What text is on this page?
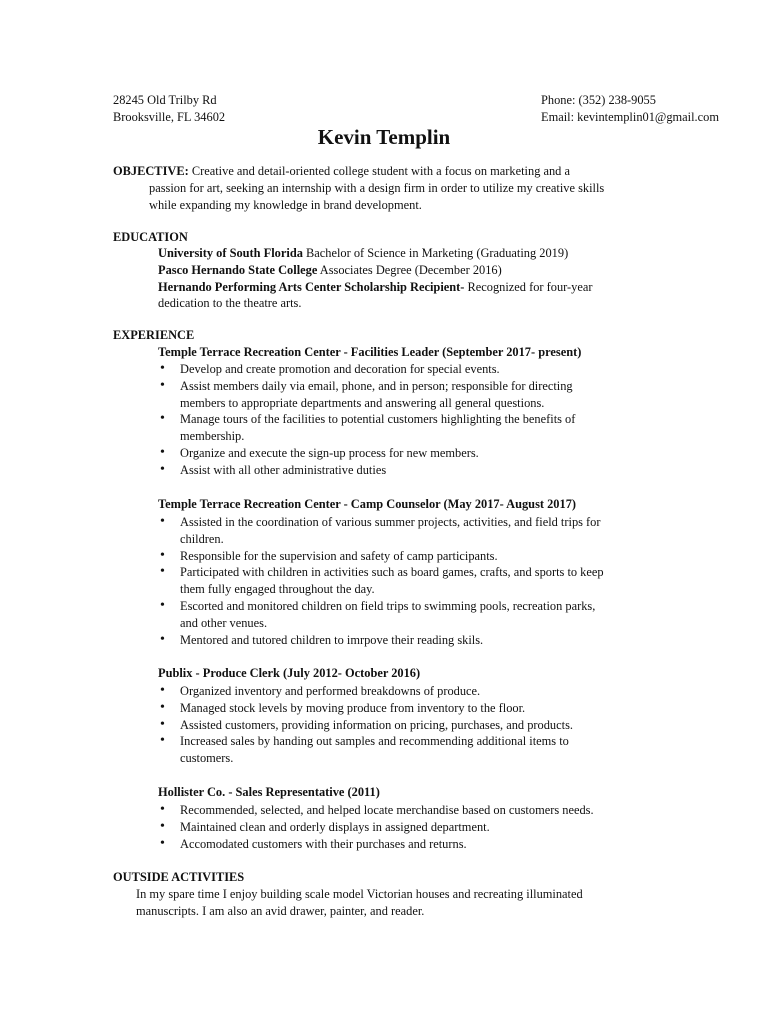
28245 Old Trilby Rd
Brooksville, FL 34602
Phone: (352) 238-9055
Email: kevintemplin01@gmail.com
Kevin Templin
OBJECTIVE: Creative and detail-oriented college student with a focus on marketing and a
passion for art, seeking an internship with a design firm in order to utilize my creative skills
while expanding my knowledge in brand development.
EDUCATION
University of South Florida Bachelor of Science in Marketing (Graduating 2019)
Pasco Hernando State College Associates Degree (December 2016)
Hernando Performing Arts Center Scholarship Recipient- Recognized for four-year
dedication to the theatre arts.
EXPERIENCE
Temple Terrace Recreation Center - Facilities Leader (September 2017- present)
• Develop and create promotion and decoration for special events.
• Assist members daily via email, phone, and in person; responsible for directing
members to appropriate departments and answering all general questions.
• Manage tours of the facilities to potential customers highlighting the benefits of
membership.
• Organize and execute the sign-up process for new members.
• Assist with all other administrative duties
Temple Terrace Recreation Center - Camp Counselor (May 2017- August 2017)
• Assisted in the coordination of various summer projects, activities, and field trips for
children.
• Responsible for the supervision and safety of camp participants.
• Participated with children in activities such as board games, crafts, and sports to keep
them fully engaged throughout the day.
• Escorted and monitored children on field trips to swimming pools, recreation parks,
and other venues.
• Mentored and tutored children to imrpove their reading skils.
Publix - Produce Clerk (July 2012- October 2016)
• Organized inventory and performed breakdowns of produce.
• Managed stock levels by moving produce from inventory to the floor.
• Assisted customers, providing information on pricing, purchases, and products.
• Increased sales by handing out samples and recommending additional items to
customers.
Hollister Co. - Sales Representative (2011)
• Recommended, selected, and helped locate merchandise based on customers needs.
• Maintained clean and orderly displays in assigned department.
• Accomodated customers with their purchases and returns.
OUTSIDE ACTIVITIES
In my spare time I enjoy building scale model Victorian houses and recreating illuminated
manuscripts. I am also an avid drawer, painter, and reader.
